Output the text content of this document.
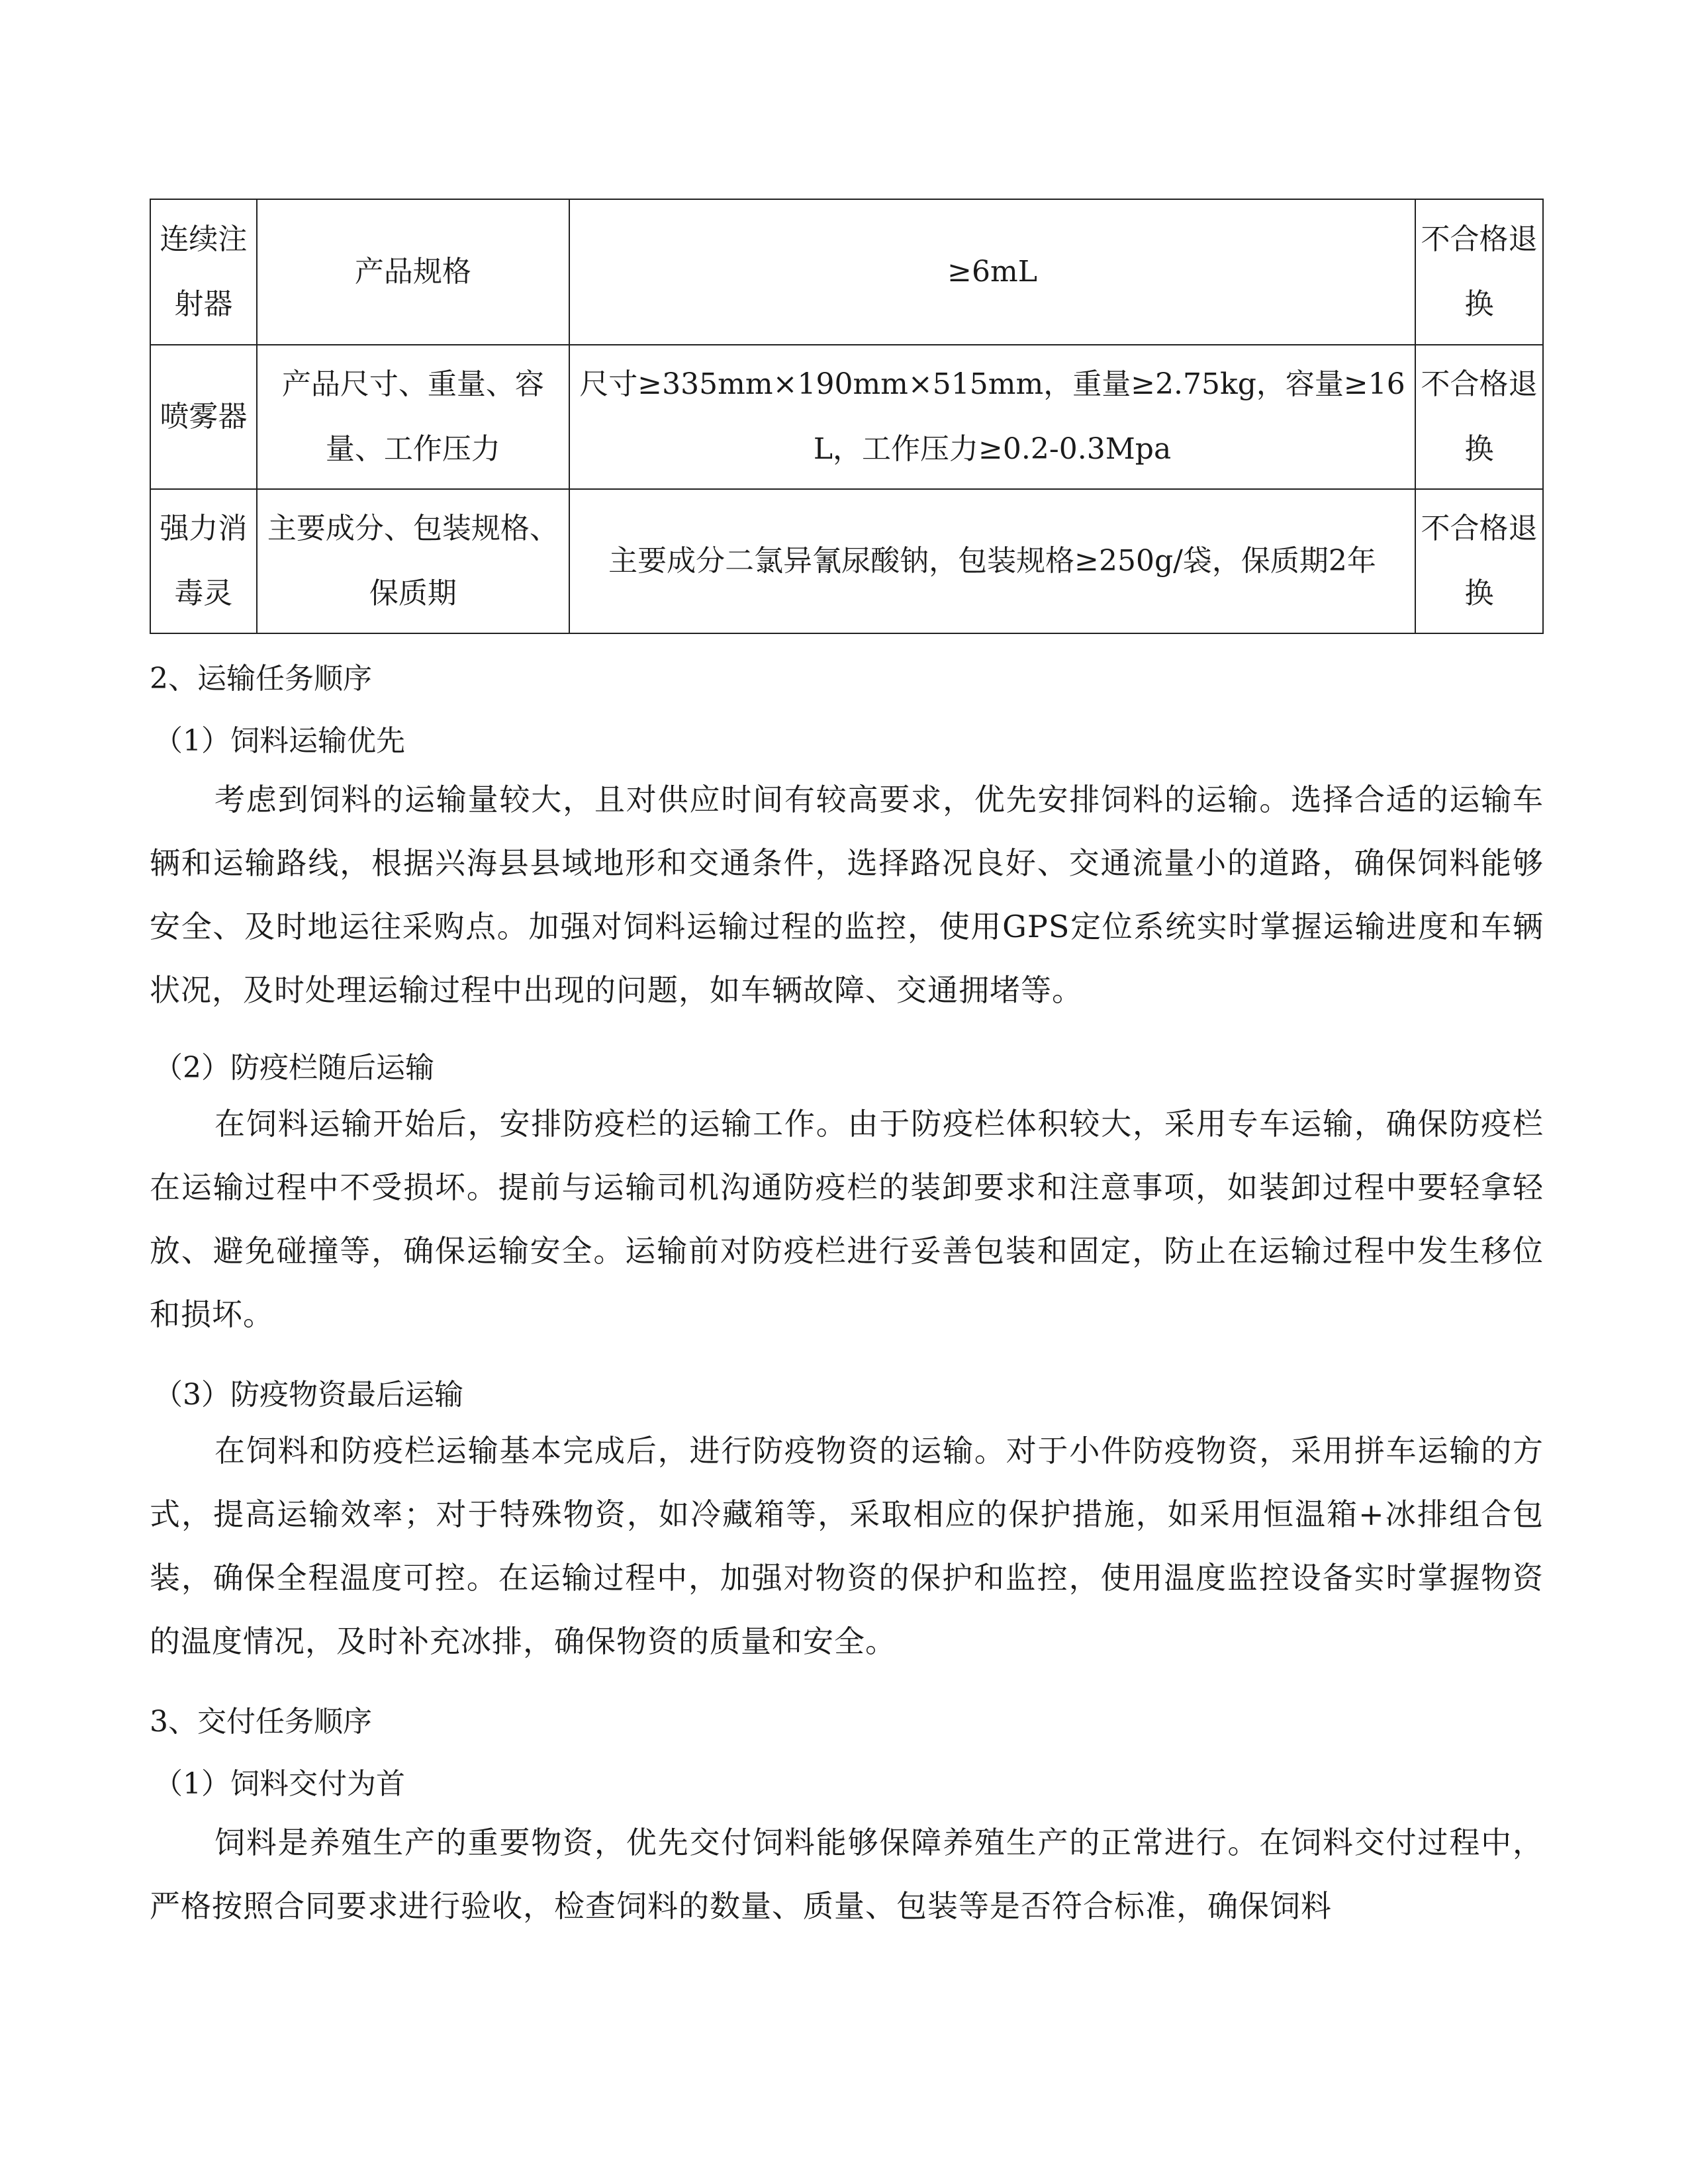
连续注射器	产品规格	≥6mL	不合格退换
喷雾器	产品尺寸、重量、容量、工作压力	尺寸≥335mm×190mm×515mm，重量≥2.75kg，容量≥16L，工作压力≥0.2-0.3Mpa	不合格退换
强力消毒灵	主要成分、包装规格、保质期	主要成分二氯异氰尿酸钠，包装规格≥250g/袋，保质期2年	不合格退换
2、运输任务顺序
（1）饲料运输优先
考虑到饲料的运输量较大，且对供应时间有较高要求，优先安排饲料的运输。选择合适的运输车辆和运输路线，根据兴海县县域地形和交通条件，选择路况良好、交通流量小的道路，确保饲料能够安全、及时地运往采购点。加强对饲料运输过程的监控，使用GPS定位系统实时掌握运输进度和车辆状况，及时处理运输过程中出现的问题，如车辆故障、交通拥堵等。
（2）防疫栏随后运输
在饲料运输开始后，安排防疫栏的运输工作。由于防疫栏体积较大，采用专车运输，确保防疫栏在运输过程中不受损坏。提前与运输司机沟通防疫栏的装卸要求和注意事项，如装卸过程中要轻拿轻放、避免碰撞等，确保运输安全。运输前对防疫栏进行妥善包装和固定，防止在运输过程中发生移位和损坏。
（3）防疫物资最后运输
在饲料和防疫栏运输基本完成后，进行防疫物资的运输。对于小件防疫物资，采用拼车运输的方式，提高运输效率；对于特殊物资，如冷藏箱等，采取相应的保护措施，如采用恒温箱+冰排组合包装，确保全程温度可控。在运输过程中，加强对物资的保护和监控，使用温度监控设备实时掌握物资的温度情况，及时补充冰排，确保物资的质量和安全。
3、交付任务顺序
（1）饲料交付为首
饲料是养殖生产的重要物资，优先交付饲料能够保障养殖生产的正常进行。在饲料交付过程中，严格按照合同要求进行验收，检查饲料的数量、质量、包装等是否符合标准，确保饲料
